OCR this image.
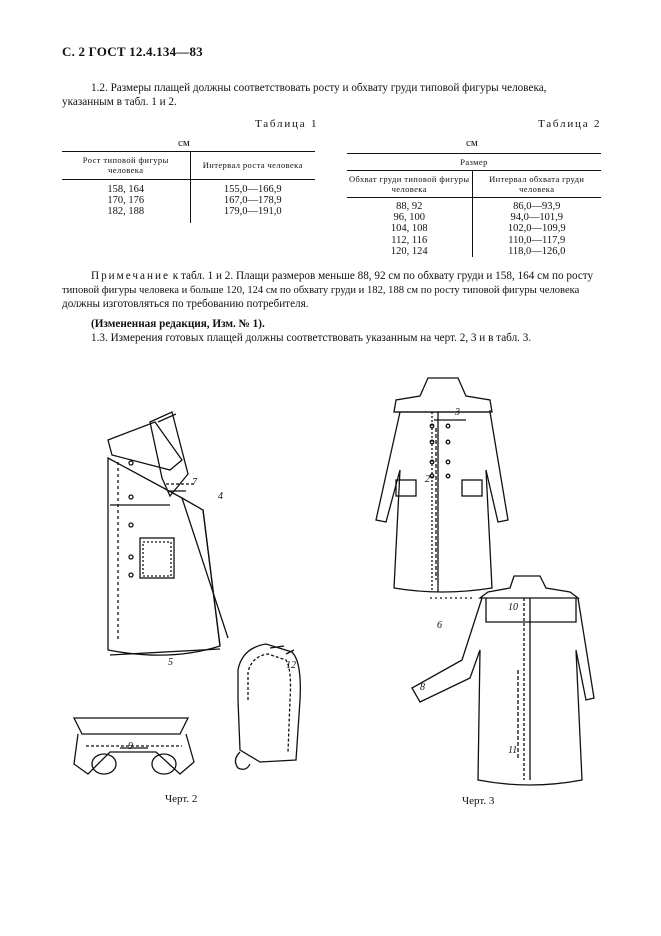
С. 2 ГОСТ 12.4.134—83
1.2. Размеры плащей должны соответствовать росту и обхвату груди типовой фигуры человека,
указанным в табл. 1 и 2.
Таблица 1
см
Рост типовой фигуры человека	Интервал роста человека
158, 164	155,0—166,9
170, 176	167,0—178,9
182, 188	179,0—191,0
Таблица 2
см
Размер	
Обхват груди типовой фигуры человека	Интервал обхвата груди человека
88, 92	86,0—93,9
96, 100	94,0—101,9
104, 108	102,0—109,9
112, 116	110,0—117,9
120, 124	118,0—126,0
Примечание к табл. 1 и 2. Плащи размеров меньше 88, 92 см по обхвату груди и 158, 164 см по росту
типовой фигуры человека и больше 120, 124 см по обхвату груди и 182, 188 см по росту типовой фигуры человека
должны изготовляться по требованию потребителя.
(Измененная редакция, Изм. № 1).
1.3. Измерения готовых плащей должны соответствовать указанным на черт. 2, 3 и в табл. 3.
4
5
7
9
12
Черт. 2
3
2
6
8
10
11
Черт. 3
